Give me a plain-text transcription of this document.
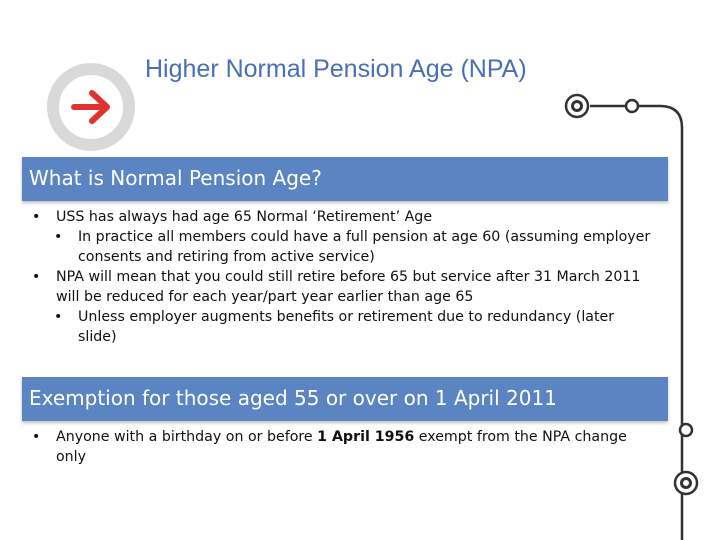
Higher Normal Pension Age (NPA)
What is Normal Pension Age?

• USS has always had age 65 Normal ‘Retirement’ Age

• In practice all members could have a full pension at age 60 (assuming employer consents and retiring from active service)

• NPA will mean that you could still retire before 65 but service after 31 March 2011 will be reduced for each year/part year earlier than age 65

• Unless employer augments benefits or retirement due to redundancy (later slide)

Exemption for those aged 55 or over on 1 April 2011

• Anyone with a birthday on or before 1 April 1956 exempt from the NPA change only
